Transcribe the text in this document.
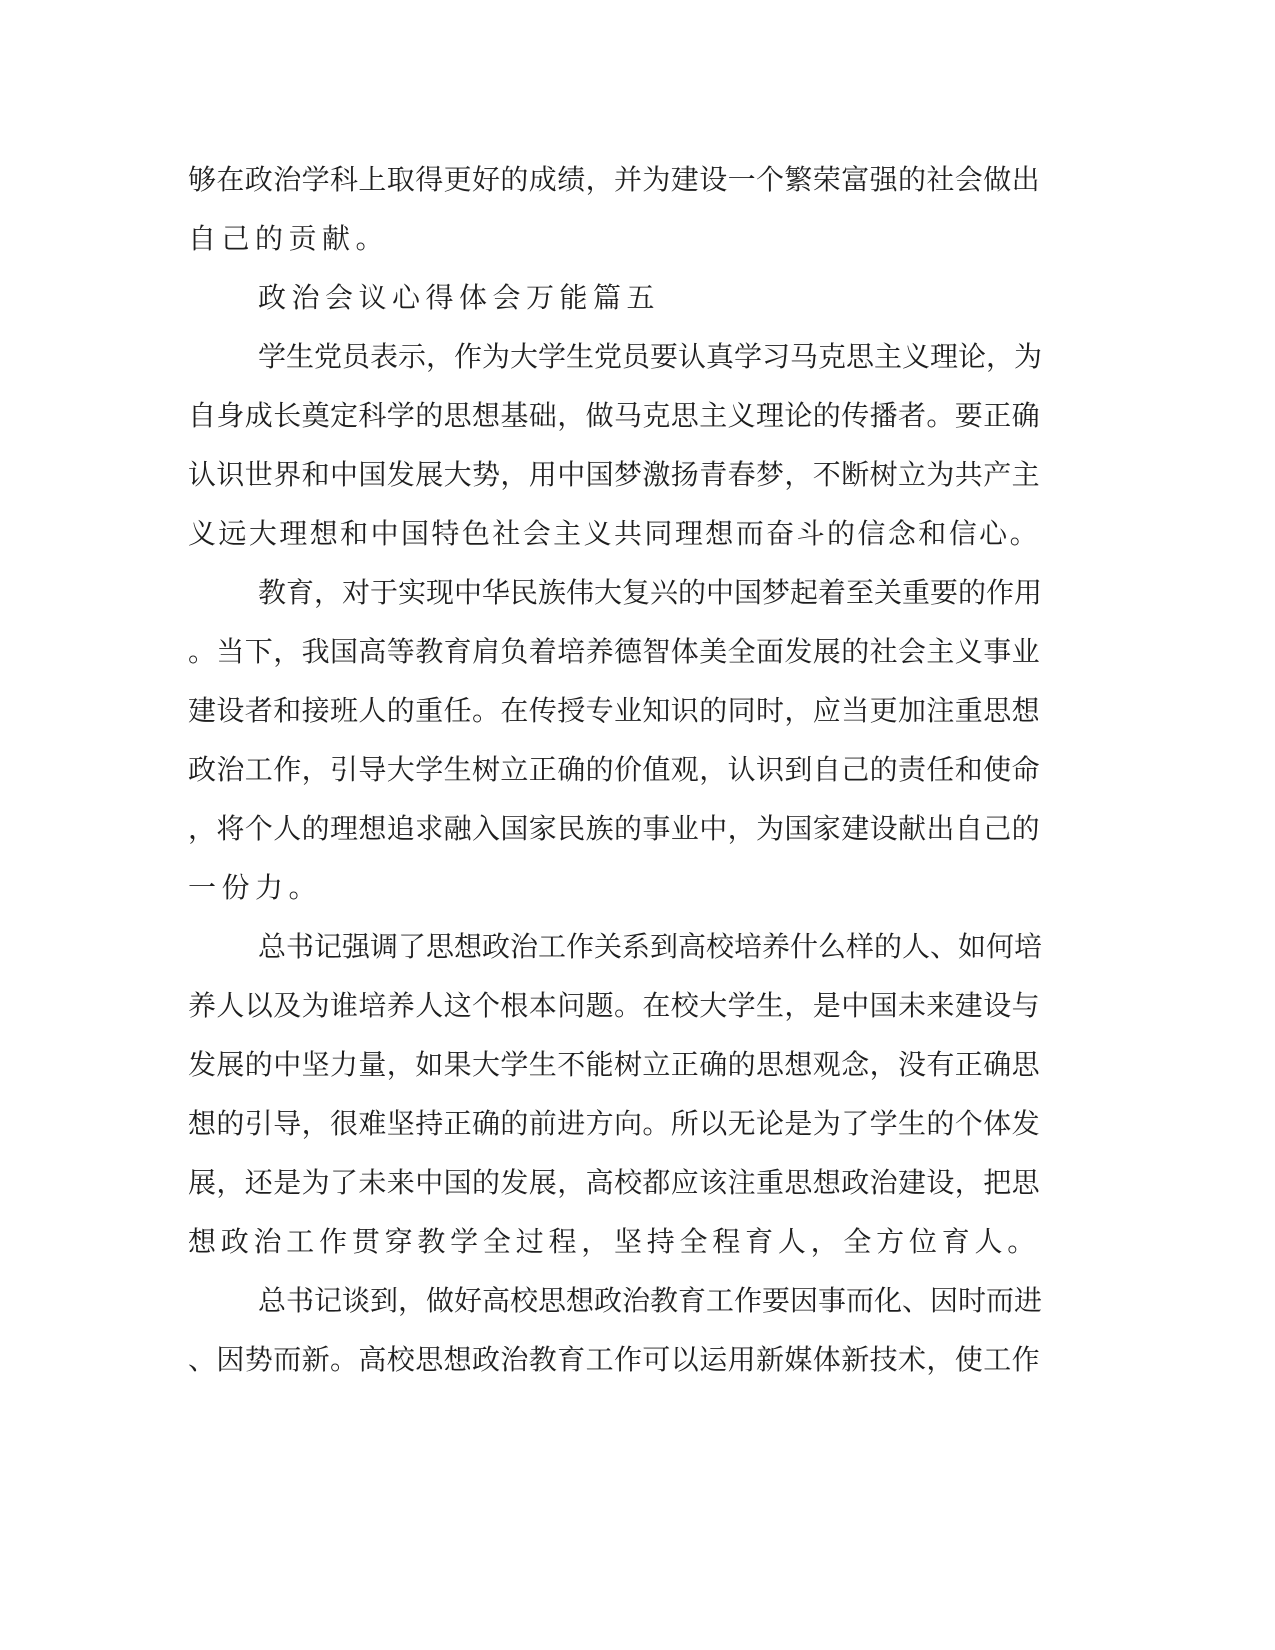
够在政治学科上取得更好的成绩，并为建设一个繁荣富强的社会做出
自己的贡献。
政治会议心得体会万能篇五
学生党员表示，作为大学生党员要认真学习马克思主义理论，为
自身成长奠定科学的思想基础，做马克思主义理论的传播者。要正确
认识世界和中国发展大势，用中国梦激扬青春梦，不断树立为共产主
义远大理想和中国特色社会主义共同理想而奋斗的信念和信心。
教育，对于实现中华民族伟大复兴的中国梦起着至关重要的作用
。当下，我国高等教育肩负着培养德智体美全面发展的社会主义事业
建设者和接班人的重任。在传授专业知识的同时，应当更加注重思想
政治工作，引导大学生树立正确的价值观，认识到自己的责任和使命
，将个人的理想追求融入国家民族的事业中，为国家建设献出自己的
一份力。
总书记强调了思想政治工作关系到高校培养什么样的人、如何培
养人以及为谁培养人这个根本问题。在校大学生，是中国未来建设与
发展的中坚力量，如果大学生不能树立正确的思想观念，没有正确思
想的引导，很难坚持正确的前进方向。所以无论是为了学生的个体发
展，还是为了未来中国的发展，高校都应该注重思想政治建设，把思
想政治工作贯穿教学全过程，坚持全程育人，全方位育人。
总书记谈到，做好高校思想政治教育工作要因事而化、因时而进
、因势而新。高校思想政治教育工作可以运用新媒体新技术，使工作
